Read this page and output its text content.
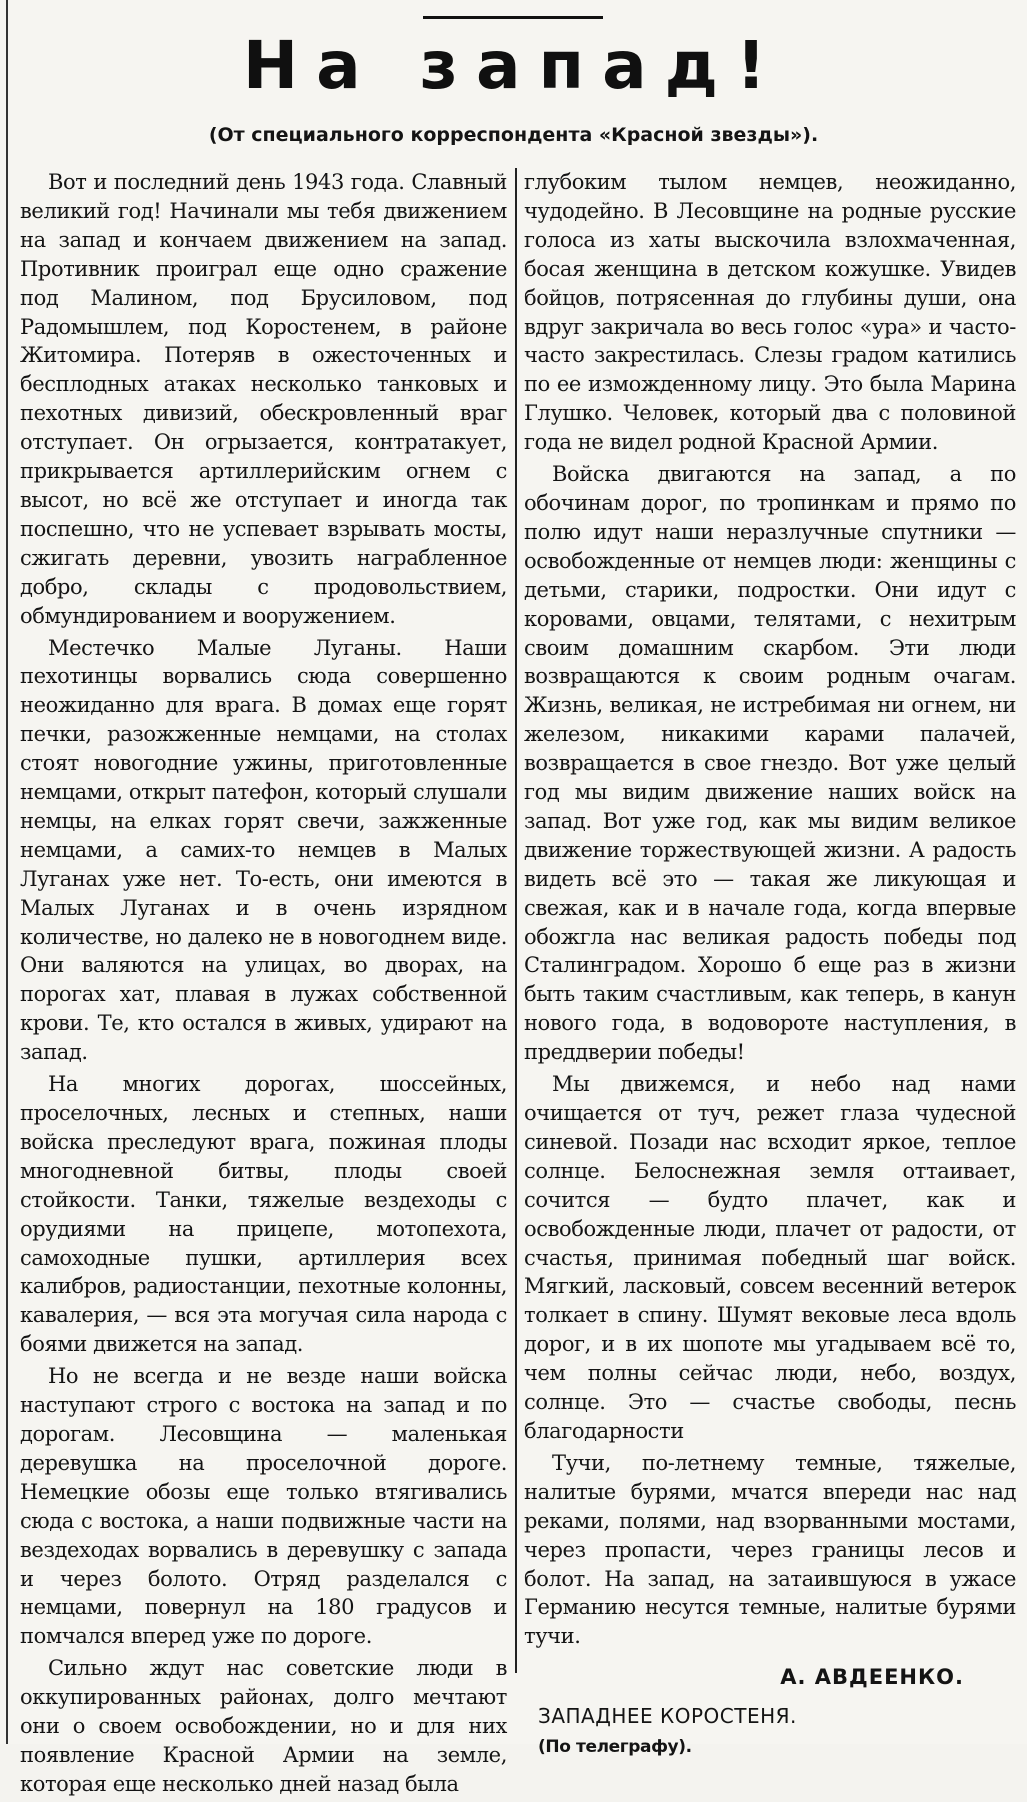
На запад!
(От специального корреспондента «Красной звезды»).

Вот и последний день 1943 года. Славный великий год! Начинали мы тебя движением на запад и кончаем движением на запад. Противник проиграл еще одно сражение под Малином, под Брусиловом, под Радомышлем, под Коростенем, в районе Житомира. Потеряв в ожесточенных и бесплодных атаках несколько танковых и пехотных дивизий, обескровленный враг отступает. Он огрызается, контратакует, прикрывается артиллерийским огнем с высот, но всё же отступает и иногда так поспешно, что не успевает взрывать мосты, сжигать деревни, увозить награбленное добро, склады с продовольствием, обмундированием и вооружением.

Местечко Малые Луганы. Наши пехотинцы ворвались сюда совершенно неожиданно для врага. В домах еще горят печки, разожженные немцами, на столах стоят новогодние ужины, приготовленные немцами, открыт патефон, который слушали немцы, на елках горят свечи, зажженные немцами, а самих-то немцев в Малых Луганах уже нет. То-есть, они имеются в Малых Луганах и в очень изрядном количестве, но далеко не в новогоднем виде. Они валяются на улицах, во дворах, на порогах хат, плавая в лужах собственной крови. Те, кто остался в живых, удирают на запад.

На многих дорогах, шоссейных, проселочных, лесных и степных, наши войска преследуют врага, пожиная плоды многодневной битвы, плоды своей стойкости. Танки, тяжелые вездеходы с орудиями на прицепе, мотопехота, самоходные пушки, артиллерия всех калибров, радиостанции, пехотные колонны, кавалерия, — вся эта могучая сила народа с боями движется на запад.

Но не всегда и не везде наши войска наступают строго с востока на запад и по дорогам. Лесовщина — маленькая деревушка на проселочной дороге. Немецкие обозы еще только втягивались сюда с востока, а наши подвижные части на вездеходах ворвались в деревушку с запада и через болото. Отряд разделался с немцами, повернул на 180 градусов и помчался вперед уже по дороге.

Сильно ждут нас советские люди в оккупированных районах, долго мечтают они о своем освобождении, но и для них появление Красной Армии на земле, которая еще несколько дней назад была

глубоким тылом немцев, неожиданно, чудодейно. В Лесовщине на родные русские голоса из хаты выскочила взлохмаченная, босая женщина в детском кожушке. Увидев бойцов, потрясенная до глубины души, она вдруг закричала во весь голос «ура» и часто-часто закрестилась. Слезы градом катились по ее изможденному лицу. Это была Марина Глушко. Человек, который два с половиной года не видел родной Красной Армии.

Войска двигаются на запад, а по обочинам дорог, по тропинкам и прямо по полю идут наши неразлучные спутники — освобожденные от немцев люди: женщины с детьми, старики, подростки. Они идут с коровами, овцами, телятами, с нехитрым своим домашним скарбом. Эти люди возвращаются к своим родным очагам. Жизнь, великая, не истребимая ни огнем, ни железом, никакими карами палачей, возвращается в свое гнездо. Вот уже целый год мы видим движение наших войск на запад. Вот уже год, как мы видим великое движение торжествующей жизни. А радость видеть всё это — такая же ликующая и свежая, как и в начале года, когда впервые обожгла нас великая радость победы под Сталинградом. Хорошо б еще раз в жизни быть таким счастливым, как теперь, в канун нового года, в водовороте наступления, в преддверии победы!

Мы движемся, и небо над нами очищается от туч, режет глаза чудесной синевой. Позади нас всходит яркое, теплое солнце. Белоснежная земля оттаивает, сочится — будто плачет, как и освобожденные люди, плачет от радости, от счастья, принимая победный шаг войск. Мягкий, ласковый, совсем весенний ветерок толкает в спину. Шумят вековые леса вдоль дорог, и в их шопоте мы угадываем всё то, чем полны сейчас люди, небо, воздух, солнце. Это — счастье свободы, песнь благодарности

Тучи, по-летнему темные, тяжелые, налитые бурями, мчатся впереди нас над реками, полями, над взорванными мостами, через пропасти, через границы лесов и болот. На запад, на затаившуюся в ужасе Германию несутся темные, налитые бурями тучи.

А. АВДЕЕНКО.
ЗАПАДНЕЕ КОРОСТЕНЯ.
(По телеграфу).
